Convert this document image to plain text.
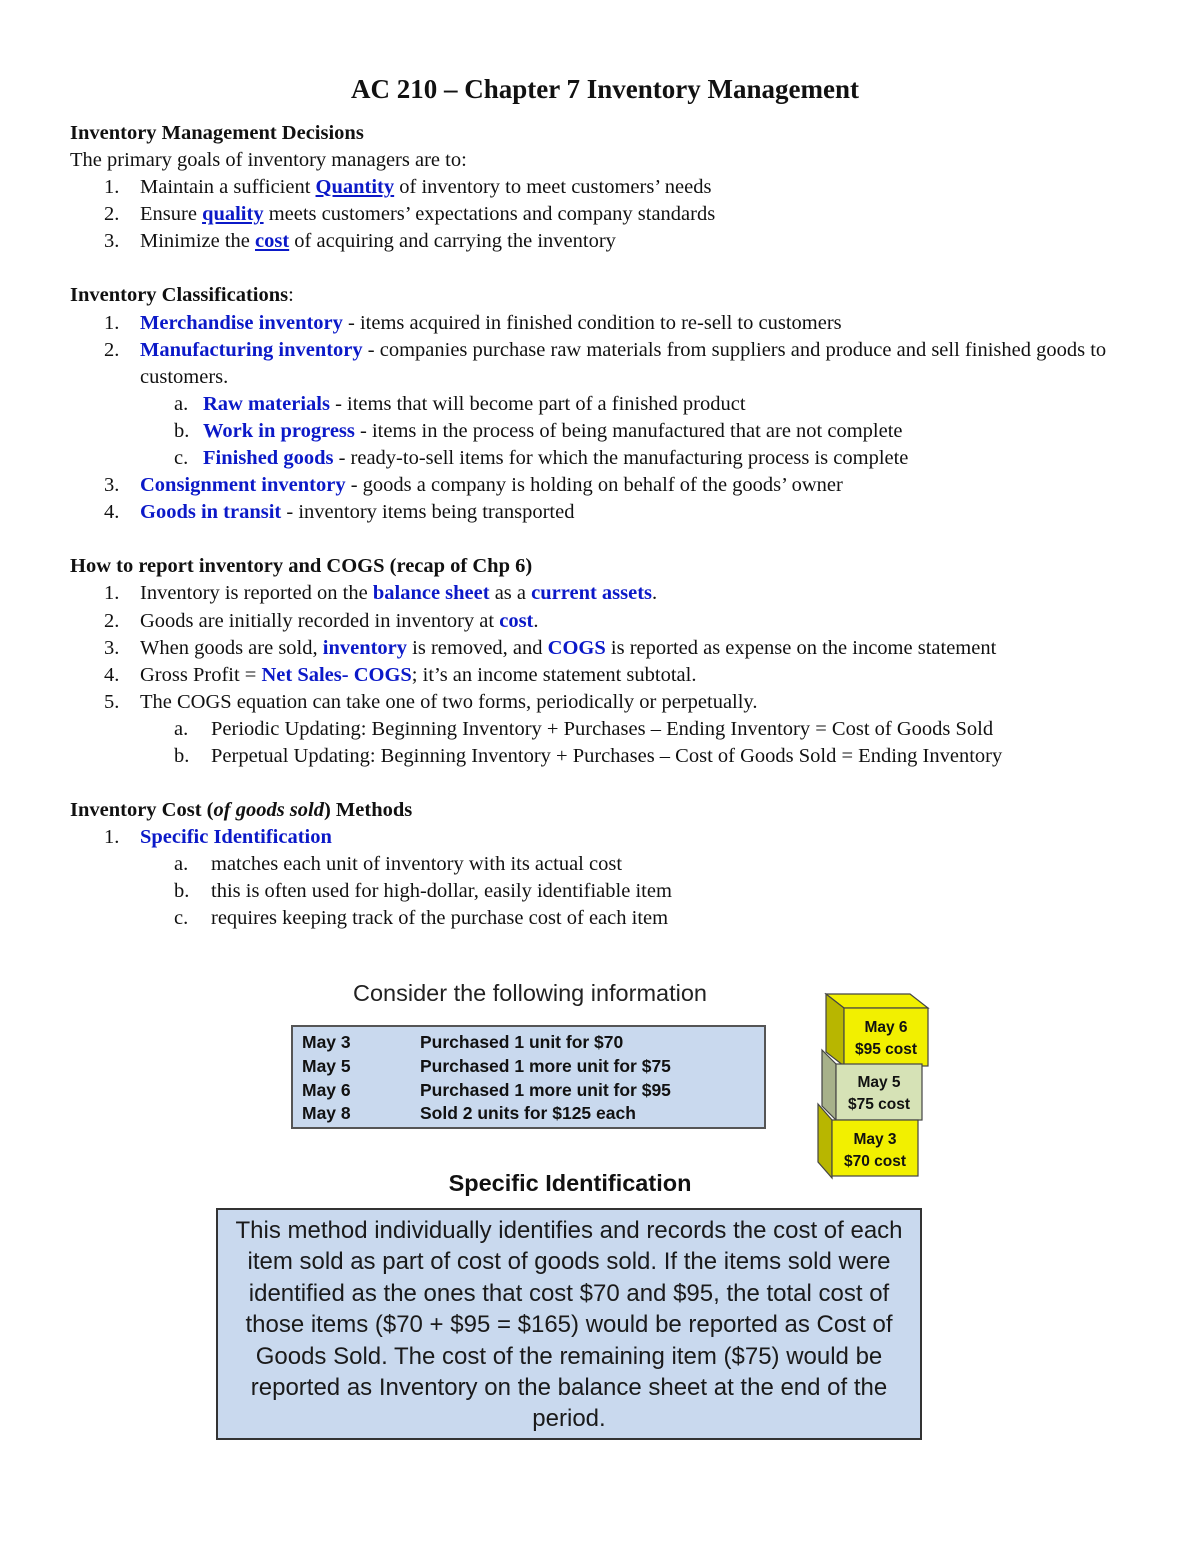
AC 210 – Chapter 7 Inventory Management
Inventory Management Decisions
The primary goals of inventory managers are to:
1. Maintain a sufficient Quantity of inventory to meet customers’ needs
2. Ensure quality meets customers’ expectations and company standards
3. Minimize the cost of acquiring and carrying the inventory
Inventory Classifications:
1. Merchandise inventory - items acquired in finished condition to re-sell to customers
2. Manufacturing inventory - companies purchase raw materials from suppliers and produce and sell finished goods to customers.
a. Raw materials - items that will become part of a finished product
b. Work in progress - items in the process of being manufactured that are not complete
c. Finished goods - ready-to-sell items for which the manufacturing process is complete
3. Consignment inventory - goods a company is holding on behalf of the goods’ owner
4. Goods in transit - inventory items being transported
How to report inventory and COGS (recap of Chp 6)
1. Inventory is reported on the balance sheet as a current assets.
2. Goods are initially recorded in inventory at cost.
3. When goods are sold, inventory is removed, and COGS is reported as expense on the income statement
4. Gross Profit = Net Sales- COGS; it’s an income statement subtotal.
5. The COGS equation can take one of two forms, periodically or perpetually.
a. Periodic Updating: Beginning Inventory + Purchases – Ending Inventory = Cost of Goods Sold
b. Perpetual Updating: Beginning Inventory + Purchases – Cost of Goods Sold = Ending Inventory
Inventory Cost (of goods sold) Methods
1. Specific Identification
a. matches each unit of inventory with its actual cost
b. this is often used for high-dollar, easily identifiable item
c. requires keeping track of the purchase cost of each item
Consider the following information
May 3	Purchased 1 unit for $70
May 5	Purchased 1 more unit for $75
May 6	Purchased 1 more unit for $95
May 8	Sold 2 units for $125 each
May 6
$95 cost
May 5
$75 cost
May 3
$70 cost
Specific Identification
This method individually identifies and records the cost of each item sold as part of cost of goods sold. If the items sold were identified as the ones that cost $70 and $95, the total cost of those items ($70 + $95 = $165) would be reported as Cost of Goods Sold. The cost of the remaining item ($75) would be reported as Inventory on the balance sheet at the end of the period.
